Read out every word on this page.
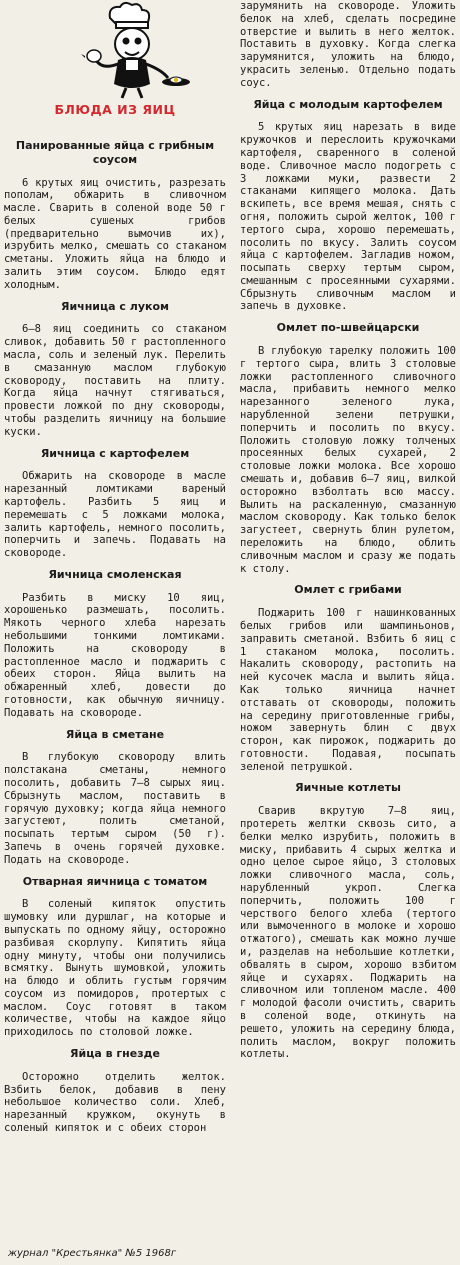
БЛЮДА ИЗ ЯИЦ
Панированные яйца с грибным соусом

6 крутых яиц очистить, разрезать пополам, обжарить в сливочном масле. Сварить в соленой воде 50 г белых сушеных грибов (предварительно вымочив их), изрубить мелко, смешать со стаканом сметаны. Уложить яйца на блюдо и залить этим соусом. Блюдо едят холодным.

Яичница с луком

6—8 яиц соединить со стаканом сливок, добавить 50 г растопленного масла, соль и зеленый лук. Перелить в смазанную маслом глубокую сковороду, поставить на плиту. Когда яйца начнут стягиваться, провести ложкой по дну сковороды, чтобы разделить яичницу на большие куски.

Яичница с картофелем

Обжарить на сковороде в масле нарезанный ломтиками вареный картофель. Разбить 5 яиц и перемешать с 5 ложками молока, залить картофель, немного посолить, поперчить и запечь. Подавать на сковороде.

Яичница смоленская

Разбить в миску 10 яиц, хорошенько размешать, посолить. Мякоть черного хлеба нарезать небольшими тонкими ломтиками. Положить на сковороду в растопленное масло и поджарить с обеих сторон. Яйца вылить на обжаренный хлеб, довести до готовности, как обычную яичницу. Подавать на сковороде.

Яйца в сметане

В глубокую сковороду влить полстакана сметаны, немного посолить, добавить 7—8 сырых яиц. Сбрызнуть маслом, поставить в горячую духовку; когда яйца немного загустеют, полить сметаной, посыпать тертым сыром (50 г). Запечь в очень горячей духовке. Подать на сковороде.

Отварная яичница с томатом

В соленый кипяток опустить шумовку или дуршлаг, на которые и выпускать по одному яйцу, осторожно разбивая скорлупу. Кипятить яйца одну минуту, чтобы они получились всмятку. Вынуть шумовкой, уложить на блюдо и облить густым горячим соусом из помидоров, протертых с маслом. Соус готовят в таком количестве, чтобы на каждое яйцо приходилось по столовой ложке.

Яйца в гнезде

Осторожно отделить желток. Взбить белок, добавив в пену небольшое количество соли. Хлеб, нарезанный кружком, окунуть в соленый кипяток и с обеих сторон

зарумянить на сковороде. Уложить белок на хлеб, сделать посредине отверстие и вылить в него желток. Поставить в духовку. Когда слегка зарумянится, уложить на блюдо, украсить зеленью. Отдельно подать соус.

Яйца с молодым картофелем

5 крутых яиц нарезать в виде кружочков и переслоить кружочками картофеля, сваренного в соленой воде. Сливочное масло подогреть с 3 ложками муки, развести 2 стаканами кипящего молока. Дать вскипеть, все время мешая, снять с огня, положить сырой желток, 100 г тертого сыра, хорошо перемешать, посолить по вкусу. Залить соусом яйца с картофелем. Загладив ножом, посыпать сверху тертым сыром, смешанным с просеянными сухарями. Сбрызнуть сливочным маслом и запечь в духовке.

Омлет по-швейцарски

В глубокую тарелку положить 100 г тертого сыра, влить 3 столовые ложки растопленного сливочного масла, прибавить немного мелко нарезанного зеленого лука, нарубленной зелени петрушки, поперчить и посолить по вкусу. Положить столовую ложку толченых просеянных белых сухарей, 2 столовые ложки молока. Все хорошо смешать и, добавив 6—7 яиц, вилкой осторожно взболтать всю массу. Вылить на раскаленную, смазанную маслом сковороду. Как только белок загустеет, свернуть блин рулетом, переложить на блюдо, облить сливочным маслом и сразу же подать к столу.

Омлет с грибами

Поджарить 100 г нашинкованных белых грибов или шампиньонов, заправить сметаной. Взбить 6 яиц с 1 стаканом молока, посолить. Накалить сковороду, растопить на ней кусочек масла и вылить яйца. Как только яичница начнет отставать от сковороды, положить на середину приготовленные грибы, ножом завернуть блин с двух сторон, как пирожок, поджарить до готовности. Подавая, посыпать зеленой петрушкой.

Яичные котлеты

Сварив вкрутую 7—8 яиц, протереть желтки сквозь сито, а белки мелко изрубить, положить в миску, прибавить 4 сырых желтка и одно целое сырое яйцо, 3 столовых ложки сливочного масла, соль, нарубленный укроп. Слегка поперчить, положить 100 г черствого белого хлеба (тертого или вымоченного в молоке и хорошо отжатого), смешать как можно лучше и, разделав на небольшие котлетки, обвалять в сыром, хорошо взбитом яйце и сухарях. Поджарить на сливочном или топленом масле. 400 г молодой фасоли очистить, сварить в соленой воде, откинуть на решето, уложить на середину блюда, полить маслом, вокруг положить котлеты.

журнал "Крестьянка" №5 1968г
